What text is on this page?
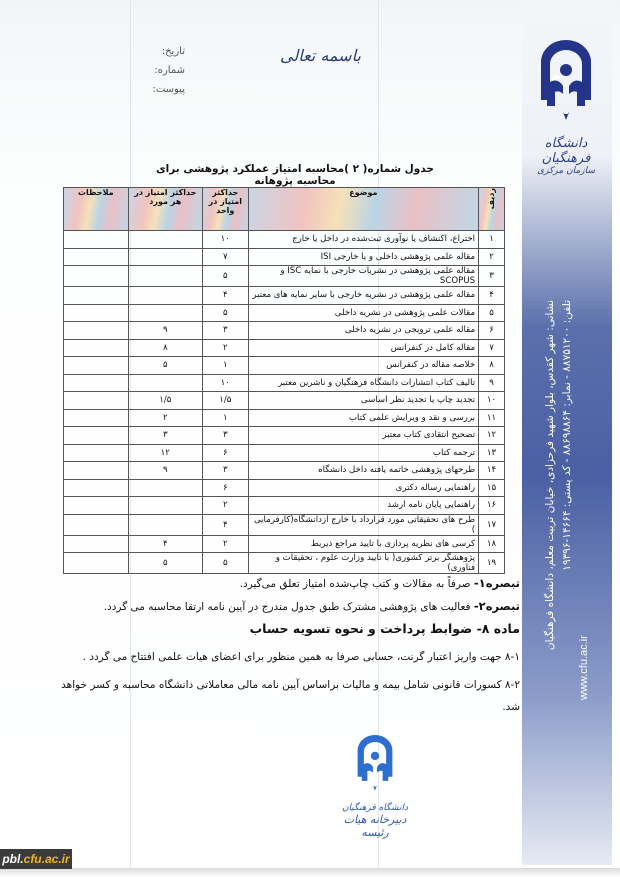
دانشگاه فرهنگیان
سازمان مرکزی
نشانی: شهر کقدس، بلوار شهید فرحزادی، خیابان تربیت معلم، دانشگاه فرهنگیان تلفن: ۸۸۷۵۱۲۰۰ - نمابر: ۸۸۶۹۸۸۶۴ - کد پستی: ۱۴۶۶۴-۱۹۳۹۶
www.cfu.ac.ir
باسمه تعالی
تاریخ:
شماره:
پیوست:
جدول شماره( ۲ )محاسبه امتیاز عملکرد پژوهشی برای محاسبه پژوهانه
ردیف	موضوع	حداکثر امتیاز در واحد	حداکثر امتیاز در هر مورد	ملاحظات
۱	اختراع، اکتشاف یا نوآوری ثبت‌شده در داخل یا خارج	۱۰		
۲	مقاله علمی پژوهشی داخلی و یا خارجی ISI	۷		
۳	مقاله علمی پژوهشی در نشریات خارجی با نمایه ISC و SCOPUS	۵		
۴	مقاله علمی پژوهشی در نشریه خارجی با سایر نمایه های معتبر	۴		
۵	مقالات علمی پژوهشی در نشریه داخلی	۵		
۶	مقاله علمی ترویجی در نشریه داخلی	۳	۹	
۷	مقاله کامل در کنفرانس	۲	۸	
۸	خلاصه مقاله در کنفرانس	۱	۵	
۹	تالیف کتاب انتشارات دانشگاه فرهنگیان و ناشرین معتبر	۱۰		
۱۰	تجدید چاپ یا تجدید نظر اساسی	۱/۵	۱/۵	
۱۱	بررسی و نقد و ویرایش علمی کتاب	۱	۲	
۱۲	تصحیح انتقادی کتاب معتبر	۳	۳	
۱۳	ترجمه کتاب	۶	۱۲	
۱۴	طرحهای پژوهشی خاتمه یافته داخل دانشگاه	۳	۹	
۱۵	راهنمایی رساله دکتری	۶		
۱۶	راهنمایی پایان نامه ارشد	۲		
۱۷	طرح های تحقیقاتی مورد قرارداد با خارج ازدانشگاه(کارفرمایی )	۴		
۱۸	کرسی های نظریه پردازی با تایید مراجع ذیربط	۲	۴	
۱۹	پژوهشگر برتر کشوری( با تایید وزارت علوم ، تحقیقات و فناوری)	۵	۵	

تبصره۱- صرفاً به مقالات و کتب چاپ‌شده امتیاز تعلق می‌گیرد.

تبصره۲- فعالیت های پژوهشی مشترک طبق جدول مندرج در آیین نامه ارتقا محاسبه می گردد.

ماده ۸- ضوابط پرداخت و نحوه تسویه حساب

۸-۱ جهت واریز اعتبار گرنت، حسابی صرفا به همین منظور برای اعضای هیات علمی افتتاح می گردد .

۸-۲ کسورات قانونی شامل بیمه و مالیات براساس آیین نامه مالی معاملاتی دانشگاه محاسبه و کسر خواهد شد.

دانشگاه فرهنگیان
دبیرخانه هیات رئیسه
pbl.cfu.ac.ir
